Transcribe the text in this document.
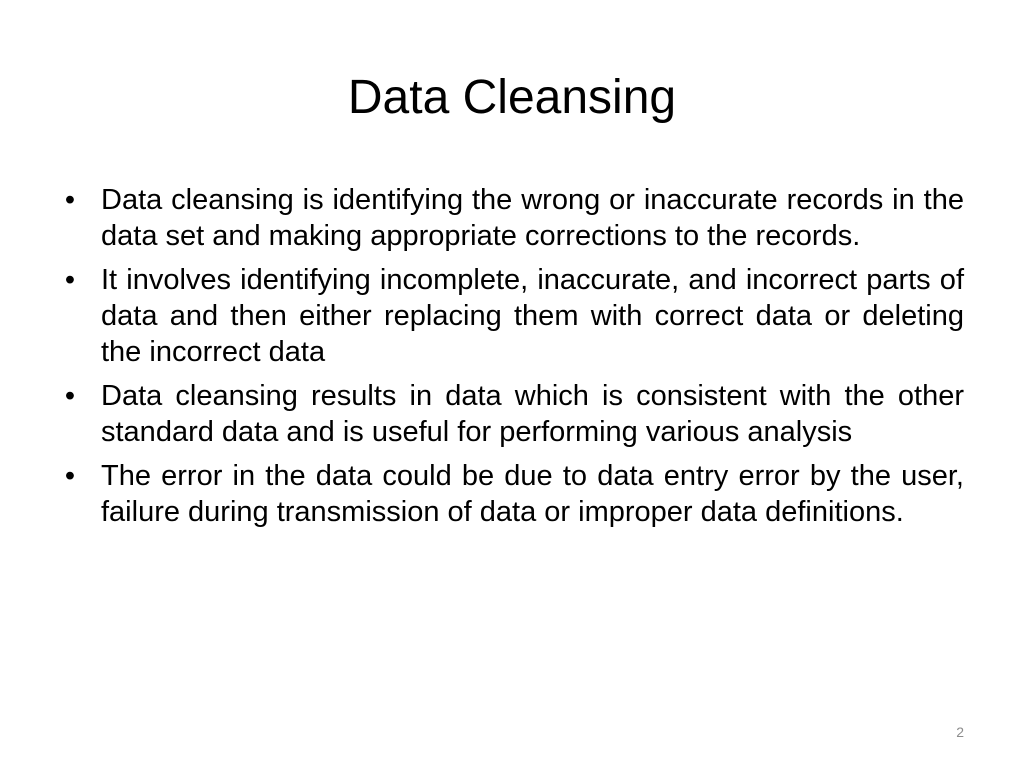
Data Cleansing
• Data cleansing is identifying the wrong or inaccurate records in the data set and making appropriate corrections to the records.
• It involves identifying incomplete, inaccurate, and incorrect parts of data and then either replacing them with correct data or deleting the incorrect data
• Data cleansing results in data which is consistent with the other standard data and is useful for performing various analysis
• The error in the data could be due to data entry error by the user, failure during transmission of data or improper data definitions.
2
